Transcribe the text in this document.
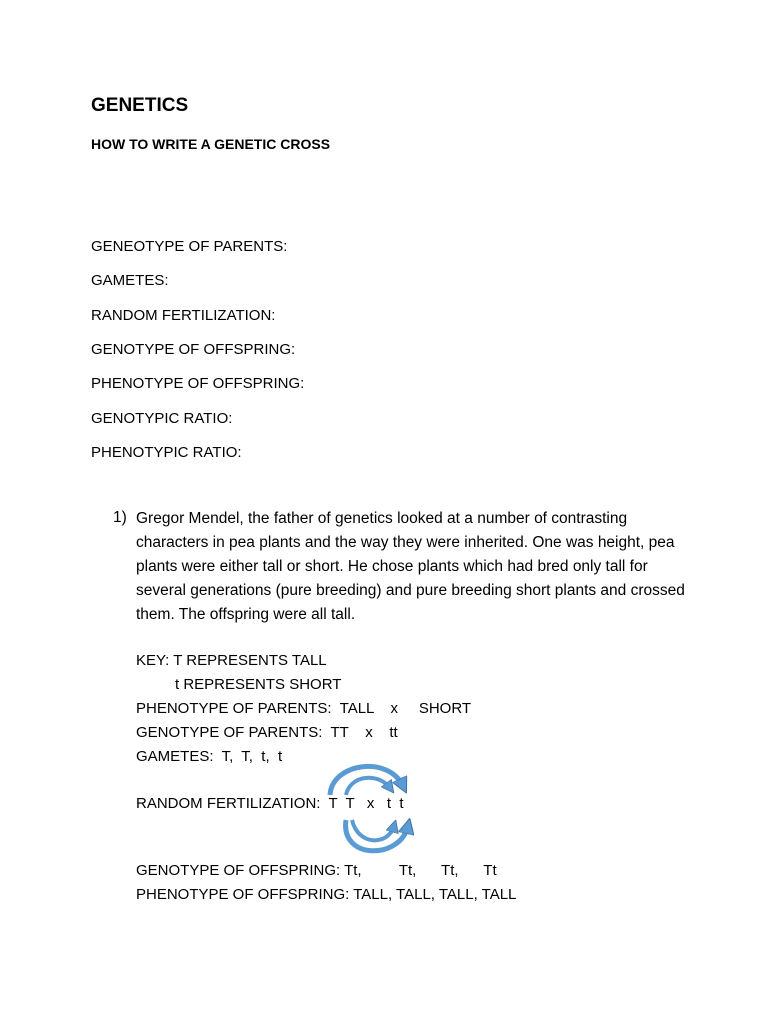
GENETICS
HOW TO WRITE A GENETIC CROSS
GENEOTYPE OF PARENTS:
GAMETES:
RANDOM FERTILIZATION:
GENOTYPE OF OFFSPRING:
PHENOTYPE OF OFFSPRING:
GENOTYPIC RATIO:
PHENOTYPIC RATIO:
1) Gregor Mendel, the father of genetics looked at a number of contrasting characters in pea plants and the way they were inherited. One was height, pea plants were either tall or short. He chose plants which had bred only tall for several generations (pure breeding) and pure breeding short plants and crossed them. The offspring were all tall.
KEY: T REPRESENTS TALL
t REPRESENTS SHORT
PHENOTYPE OF PARENTS:  TALL    x     SHORT
GENOTYPE OF PARENTS:  TT    x    tt
GAMETES:  T,  T,  t,  t
RANDOM FERTILIZATION:  T  T   x   t  t
GENOTYPE OF OFFSPRING: Tt,         Tt,      Tt,      Tt
PHENOTYPE OF OFFSPRING: TALL, TALL, TALL, TALL
